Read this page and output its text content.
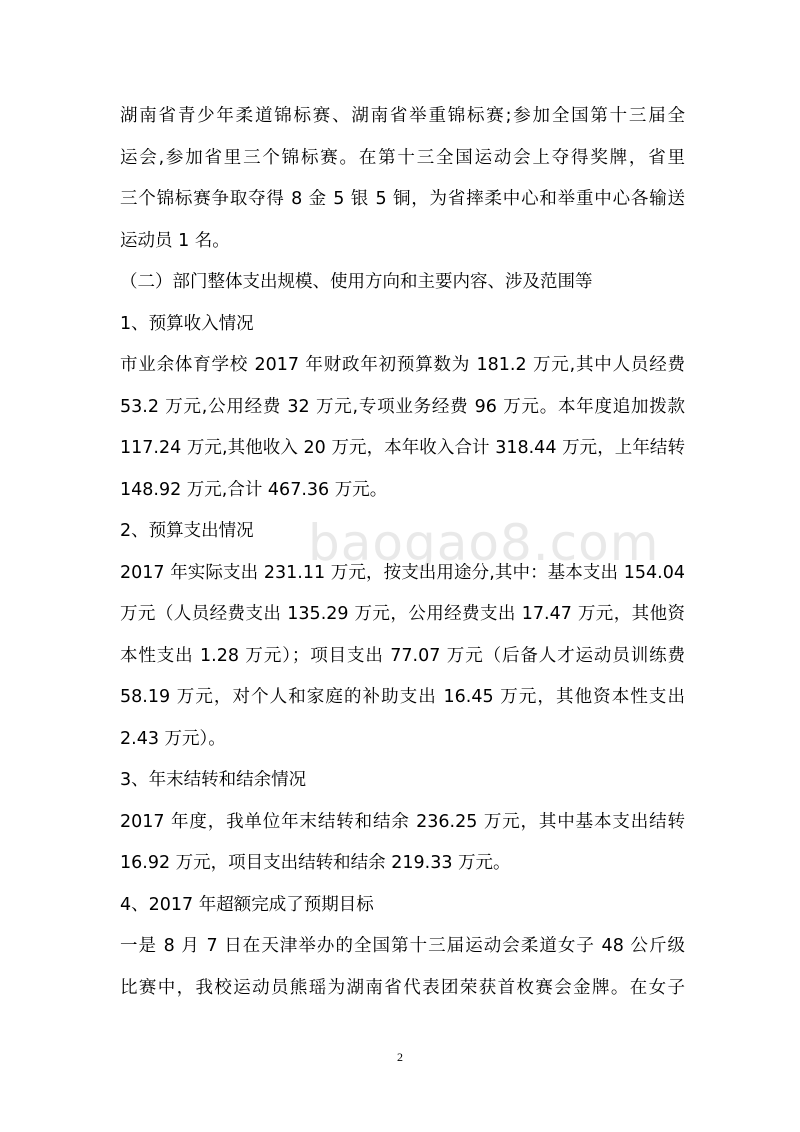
baogao8.com
湖南省青少年柔道锦标赛、湖南省举重锦标赛;参加全国第十三届全
运会,参加省里三个锦标赛。在第十三全国运动会上夺得奖牌，省里
三个锦标赛争取夺得 8 金 5 银 5 铜，为省摔柔中心和举重中心各输送
运动员 1 名。
（二）部门整体支出规模、使用方向和主要内容、涉及范围等
1、预算收入情况
市业余体育学校 2017 年财政年初预算数为 181.2 万元,其中人员经费
53.2 万元,公用经费 32 万元,专项业务经费 96 万元。本年度追加拨款
117.24 万元,其他收入 20 万元，本年收入合计 318.44 万元，上年结转
148.92 万元,合计 467.36 万元。
2、预算支出情况
2017 年实际支出 231.11 万元，按支出用途分,其中：基本支出 154.04
万元（人员经费支出 135.29 万元，公用经费支出 17.47 万元，其他资
本性支出 1.28 万元）；项目支出 77.07 万元（后备人才运动员训练费
58.19 万元，对个人和家庭的补助支出 16.45 万元，其他资本性支出
2.43 万元）。
3、年末结转和结余情况
2017 年度，我单位年末结转和结余 236.25 万元，其中基本支出结转
16.92 万元，项目支出结转和结余 219.33 万元。
4、2017 年超额完成了预期目标
一是 8 月 7 日在天津举办的全国第十三届运动会柔道女子 48 公斤级
比赛中，我校运动员熊瑶为湖南省代表团荣获首枚赛会金牌。在女子
2
